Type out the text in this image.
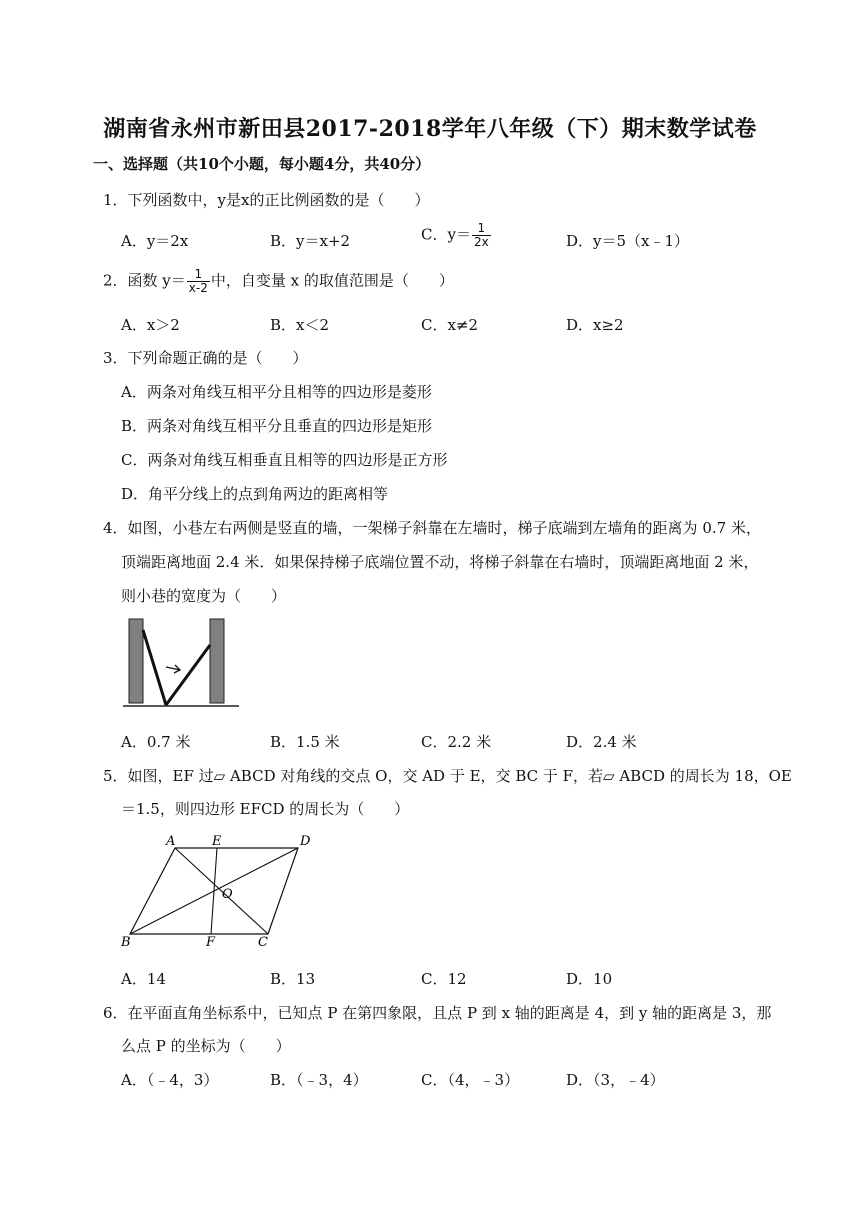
湖南省永州市新田县2017-2018学年八年级（下）期末数学试卷
一、选择题（共10个小题，每小题4分，共40分）
1．下列函数中，y是x的正比例函数的是（　　）
A．y＝2x	B．y＝x+2	C．$y= \frac{1}{2x}$	D．y＝5（x﹣1）
2．函数 $y= \frac{1}{x-2}$ 中，自变量 x 的取值范围是（　　）
A．x＞2	B．x＜2	C．x≠2	D．x≥2
3．下列命题正确的是（　　）
A．两条对角线互相平分且相等的四边形是菱形
B．两条对角线互相平分且垂直的四边形是矩形
C．两条对角线互相垂直且相等的四边形是正方形
D．角平分线上的点到角两边的距离相等
4．如图，小巷左右两侧是竖直的墙，一架梯子斜靠在左墙时，梯子底端到左墙角的距离为 0.7 米，
顶端距离地面 2.4 米．如果保持梯子底端位置不动，将梯子斜靠在右墙时，顶端距离地面 2 米，
则小巷的宽度为（　　）
A．0.7 米	B．1.5 米	C．2.2 米	D．2.4 米
5．如图，EF 过▱ ABCD 对角线的交点 O，交 AD 于 E，交 BC 于 F，若▱ ABCD 的周长为 18，OE
＝1.5，则四边形 EFCD 的周长为（　　）
A	E	D
O
B	F	C
A．14	B．13	C．12	D．10
6．在平面直角坐标系中，已知点 P 在第四象限，且点 P 到 x 轴的距离是 4，到 y 轴的距离是 3，那
么点 P 的坐标为（　　）
A．（﹣4，3）	B．（﹣3，4）	C．（4，﹣3）	D．（3，﹣4）
